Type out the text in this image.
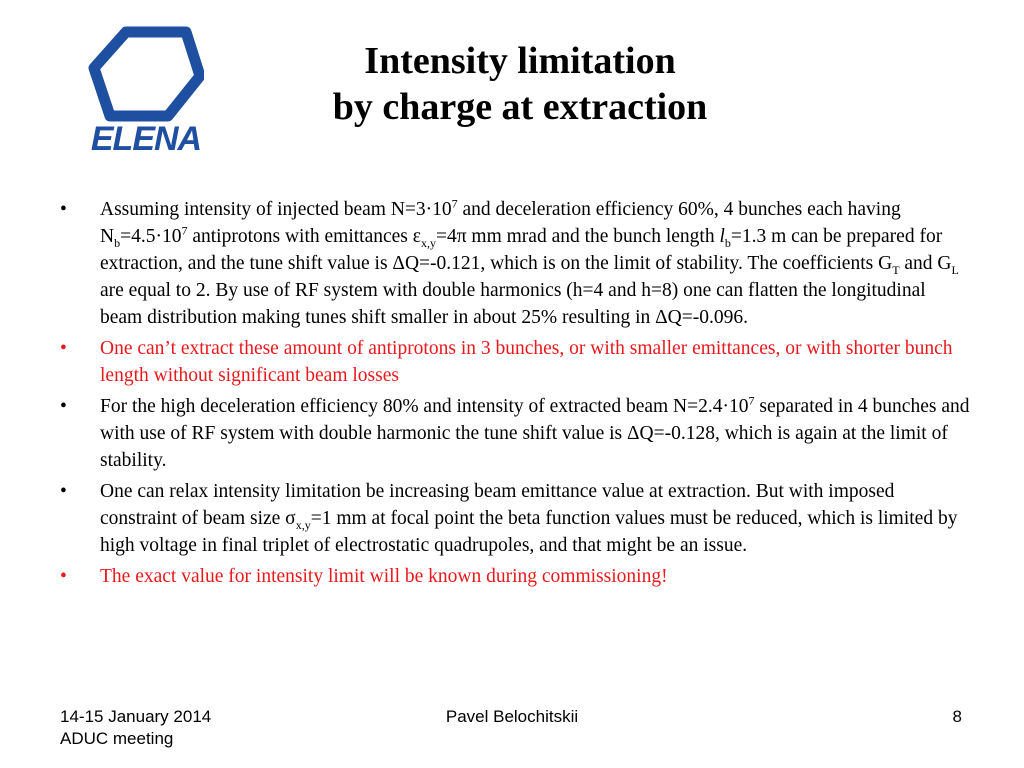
ELENA
Intensity limitation
by charge at extraction
• Assuming intensity of injected beam $N=3\cdot 10^7$ and deceleration efficiency 60%, 4 bunches each having $N_b=4.5\cdot 10^7$ antiprotons with emittances $\varepsilon_{x,y}=4\pi$ mm mrad and the bunch length $l_b=1.3$ m can be prepared for extraction, and the tune shift value is ΔQ=-0.121, which is on the limit of stability. The coefficients $G_T$ and $G_L$ are equal to 2. By use of RF system with double harmonics (h=4 and h=8) one can flatten the longitudinal beam distribution making tunes shift smaller in about 25% resulting in ΔQ=-0.096.
• One can’t extract these amount of antiprotons in 3 bunches, or with smaller emittances, or with shorter bunch length without significant beam losses
• For the high deceleration efficiency 80% and intensity of extracted beam $N=2.4\cdot 10^7$ separated in 4 bunches and with use of RF system with double harmonic the tune shift value is ΔQ=-0.128, which is again at the limit of stability.
• One can relax intensity limitation be increasing beam emittance value at extraction. But with imposed constraint of beam size $\sigma_{x,y}=1$ mm at focal point the beta function values must be reduced, which is limited by high voltage in final triplet of electrostatic quadrupoles, and that might be an issue.
• The exact value for intensity limit will be known during commissioning!
14-15 January 2014
ADUC meeting
Pavel Belochitskii	8
